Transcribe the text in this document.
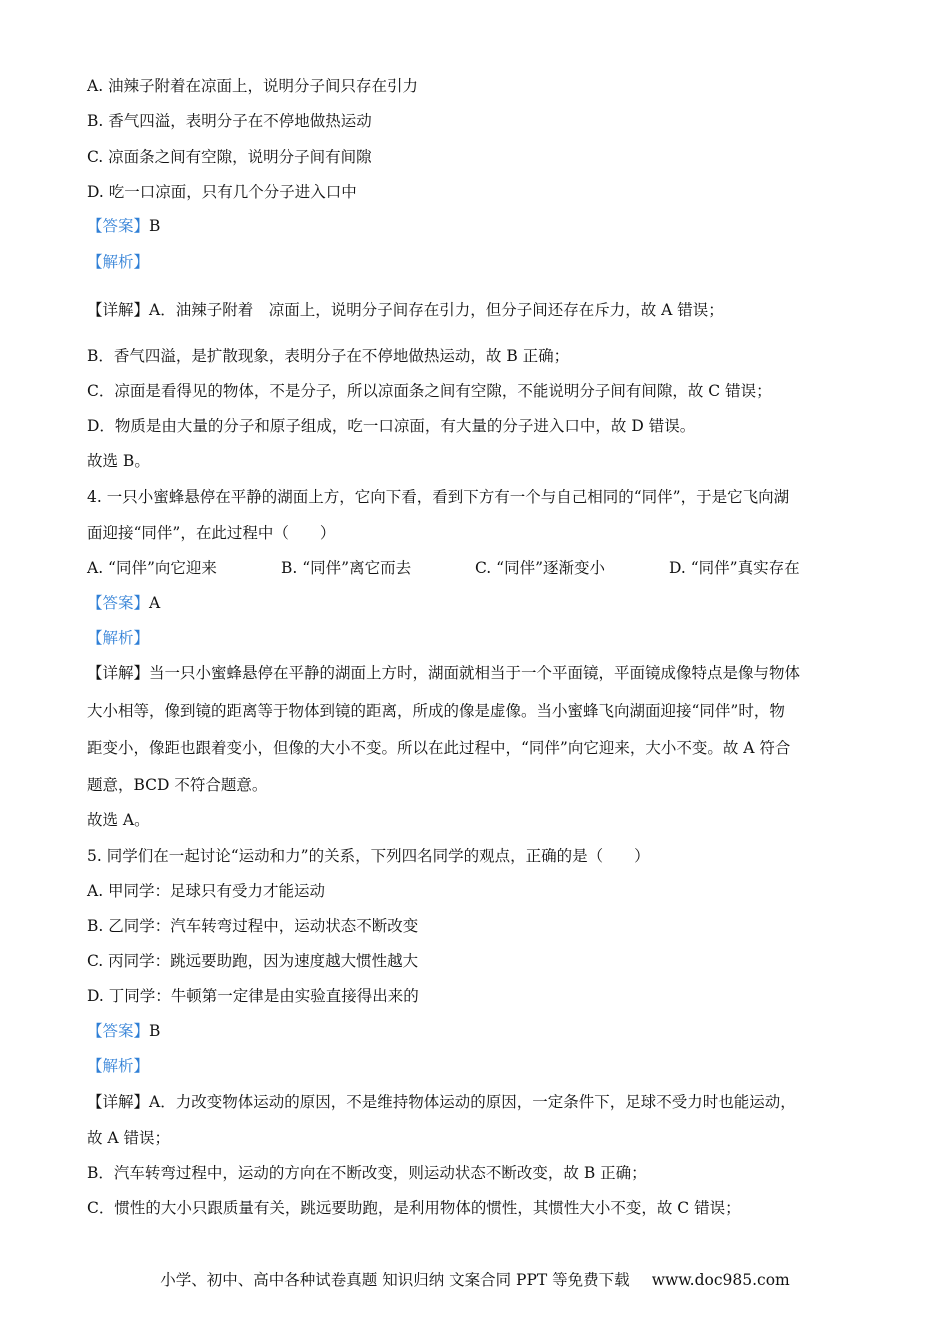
A. 油辣子附着在凉面上，说明分子间只存在引力
B. 香气四溢，表明分子在不停地做热运动
C. 凉面条之间有空隙，说明分子间有间隙
D. 吃一口凉面，只有几个分子进入口中
【答案】B
【解析】
【详解】A．油辣子附着　凉面上，说明分子间存在引力，但分子间还存在斥力，故 A 错误；
B．香气四溢，是扩散现象，表明分子在不停地做热运动，故 B 正确；
C．凉面是看得见的物体，不是分子，所以凉面条之间有空隙，不能说明分子间有间隙，故 C 错误；
D．物质是由大量的分子和原子组成，吃一口凉面，有大量的分子进入口中，故 D 错误。
故选 B。
4. 一只小蜜蜂悬停在平静的湖面上方，它向下看，看到下方有一个与自己相同的“同伴”，于是它飞向湖
面迎接“同伴”，在此过程中（　　）
【答案】A
【解析】
【详解】当一只小蜜蜂悬停在平静的湖面上方时，湖面就相当于一个平面镜，平面镜成像特点是像与物体
大小相等，像到镜的距离等于物体到镜的距离，所成的像是虚像。当小蜜蜂飞向湖面迎接“同伴”时，物
距变小，像距也跟着变小，但像的大小不变。所以在此过程中，“同伴”向它迎来，大小不变。故 A 符合
题意，BCD 不符合题意。
故选 A。
5. 同学们在一起讨论“运动和力”的关系，下列四名同学的观点，正确的是（　　）
A. 甲同学：足球只有受力才能运动
B. 乙同学：汽车转弯过程中，运动状态不断改变
C. 丙同学：跳远要助跑，因为速度越大惯性越大
D. 丁同学：牛顿第一定律是由实验直接得出来的
【答案】B
【解析】
【详解】A．力改变物体运动的原因，不是维持物体运动的原因，一定条件下，足球不受力时也能运动，
故 A 错误；
B．汽车转弯过程中，运动的方向在不断改变，则运动状态不断改变，故 B 正确；
C．惯性的大小只跟质量有关，跳远要助跑，是利用物体的惯性，其惯性大小不变，故 C 错误；
A. “同伴”向它迎来	B. “同伴”离它而去	C. “同伴”逐渐变小	D. “同伴”真实存在
小学、初中、高中各种试卷真题 知识归纳 文案合同 PPT 等免费下载 www.doc985.com
